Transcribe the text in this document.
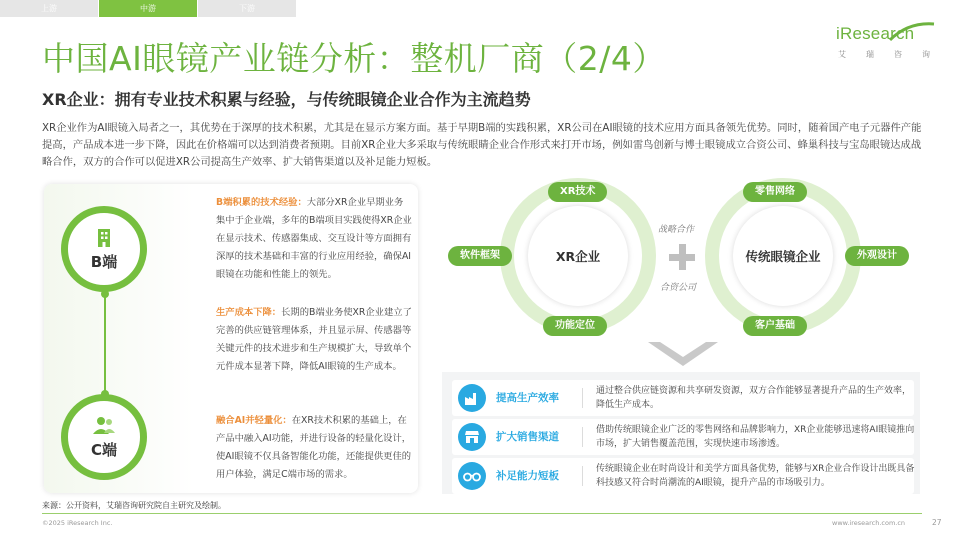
上游	中游	下游
iResearch
艾	瑞	咨	询
中国AI眼镜产业链分析：整机厂商（2/4）
XR企业：拥有专业技术积累与经验，与传统眼镜企业合作为主流趋势
XR企业作为AI眼镜入局者之一，其优势在于深厚的技术积累，尤其是在显示方案方面。基于早期B端的实践积累，XR公司在AI眼镜的技术应用方面具备领先优势。同时，随着国产电子元器件产能提高，产品成本进一步下降，因此在价格端可以达到消费者预期。目前XR企业大多采取与传统眼睛企业合作形式来打开市场，例如雷鸟创新与博士眼镜成立合资公司、蜂巢科技与宝岛眼镜达成战略合作，双方的合作可以促进XR公司提高生产效率、扩大销售渠道以及补足能力短板。
B端
C端
B端积累的技术经验：大部分XR企业早期业务集中于企业端，多年的B端项目实践使得XR企业在显示技术、传感器集成、交互设计等方面拥有深厚的技术基础和丰富的行业应用经验，确保AI眼镜在功能和性能上的领先。
生产成本下降：长期的B端业务使XR企业建立了完善的供应链管理体系，并且显示屏、传感器等关键元件的技术进步和生产规模扩大，导致单个元件成本显著下降，降低AI眼镜的生产成本。
融合AI并轻量化：在XR技术积累的基础上，在产品中融入AI功能，并进行设备的轻量化设计，使AI眼镜不仅具备智能化功能，还能提供更佳的用户体验，满足C端市场的需求。
XR企业	传统眼镜企业
XR技术
软件框架
功能定位
零售网络
外观设计
客户基础
战略合作
合资公司
提高生产效率
通过整合供应链资源和共享研发资源，双方合作能够显著提升产品的生产效率，降低生产成本。
扩大销售渠道
借助传统眼镜企业广泛的零售网络和品牌影响力，XR企业能够迅速将AI眼镜推向市场，扩大销售覆盖范围，实现快速市场渗透。
补足能力短板
传统眼镜企业在时尚设计和美学方面具备优势，能够与XR企业合作设计出既具备科技感又符合时尚潮流的AI眼镜，提升产品的市场吸引力。
来源：公开资料，艾瑞咨询研究院自主研究及绘制。
©2025 iResearch Inc.	www.iresearch.com.cn	27
